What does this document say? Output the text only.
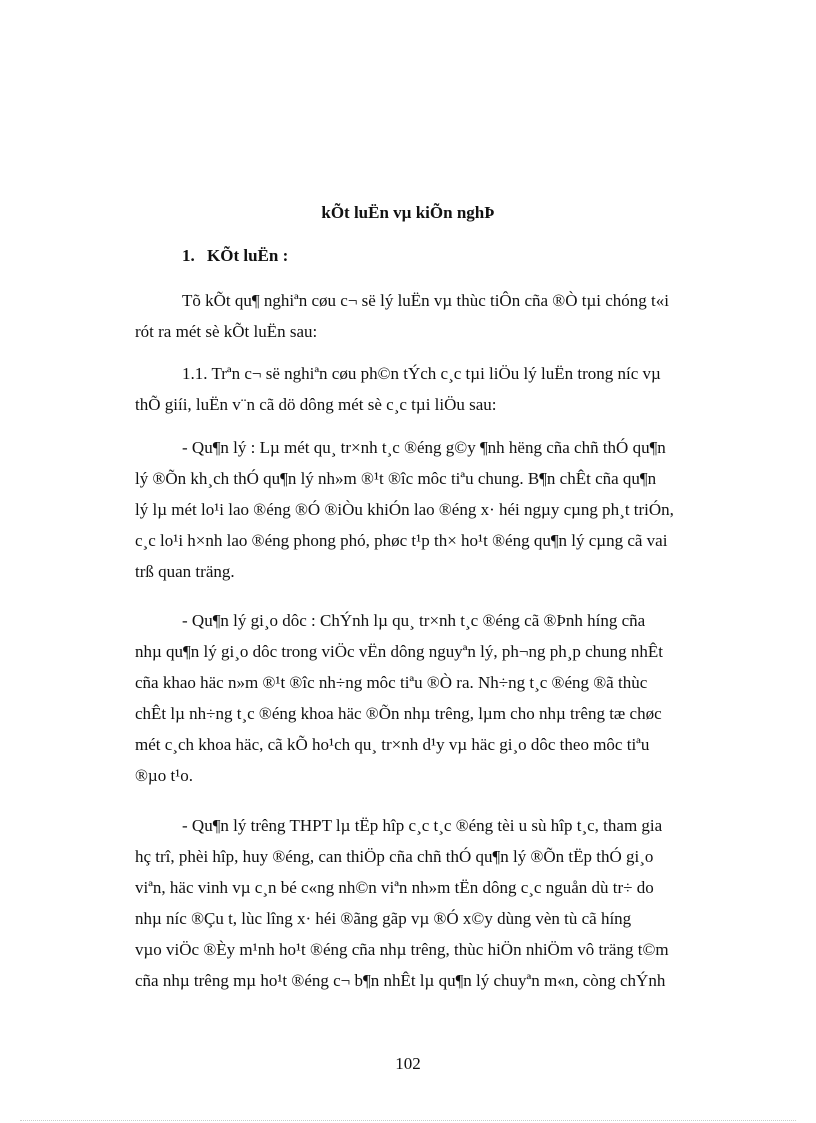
kÕt luËn vµ kiÕn nghÞ
1. KÕt luËn :
Tõ kÕt qu¶ nghiªn cøu c¬ së lý luËn vµ thùc tiÔn cña ®Ò tµi chóng t«i
rót ra mét sè kÕt luËn sau:
1.1. Trªn c¬ së nghiªn cøu ph©n tÝch c¸c tµi liÖu lý luËn trong níc vµ
thÕ giíi, luËn v¨n cã dö dông mét sè c¸c tµi liÖu sau:
- Qu¶n lý : Lµ mét qu¸ tr×nh t¸c ®éng g©y ¶nh hëng cña chñ thÓ qu¶n
lý ®Õn kh¸ch thÓ qu¶n lý nh»m ®¹t ®îc môc tiªu chung. B¶n chÊt cña qu¶n
lý lµ mét lo¹i lao ®éng ®Ó ®iÒu khiÓn lao ®éng x· héi ngµy cµng ph¸t triÓn,
c¸c lo¹i h×nh lao ®éng phong phó, phøc t¹p th× ho¹t ®éng qu¶n lý cµng cã vai
trß quan träng.
- Qu¶n lý gi¸o dôc : ChÝnh lµ qu¸ tr×nh t¸c ®éng cã ®Þnh híng cña
nhµ qu¶n lý gi¸o dôc trong viÖc vËn dông nguyªn lý, ph¬ng ph¸p chung nhÊt
cña khao häc n»m ®¹t ®îc nh÷ng môc tiªu ®Ò ra. Nh÷ng t¸c ®éng ®ã thùc
chÊt lµ nh÷ng t¸c ®éng khoa häc ®Õn nhµ trêng, lµm cho nhµ trêng tæ chøc
mét c¸ch khoa häc, cã kÕ ho¹ch qu¸ tr×nh d¹y vµ häc gi¸o dôc theo môc tiªu
®µo t¹o.
- Qu¶n lý trêng THPT lµ tËp hîp c¸c t¸c ®éng tèi u sù hîp t¸c, tham gia
hç trî, phèi hîp, huy ®éng, can thiÖp cña chñ thÓ qu¶n lý ®Õn tËp thÓ gi¸o
viªn, häc vinh vµ c¸n bé c«ng nh©n viªn nh»m tËn dông c¸c nguån dù tr÷ do
nhµ níc ®Çu t, lùc lîng x· héi ®ãng gãp vµ ®Ó x©y dùng vèn tù cã híng
vµo viÖc ®Èy m¹nh ho¹t ®éng cña nhµ trêng, thùc hiÖn nhiÖm vô träng t©m
cña nhµ trêng mµ ho¹t ®éng c¬ b¶n nhÊt lµ qu¶n lý chuyªn m«n, còng chÝnh
102
